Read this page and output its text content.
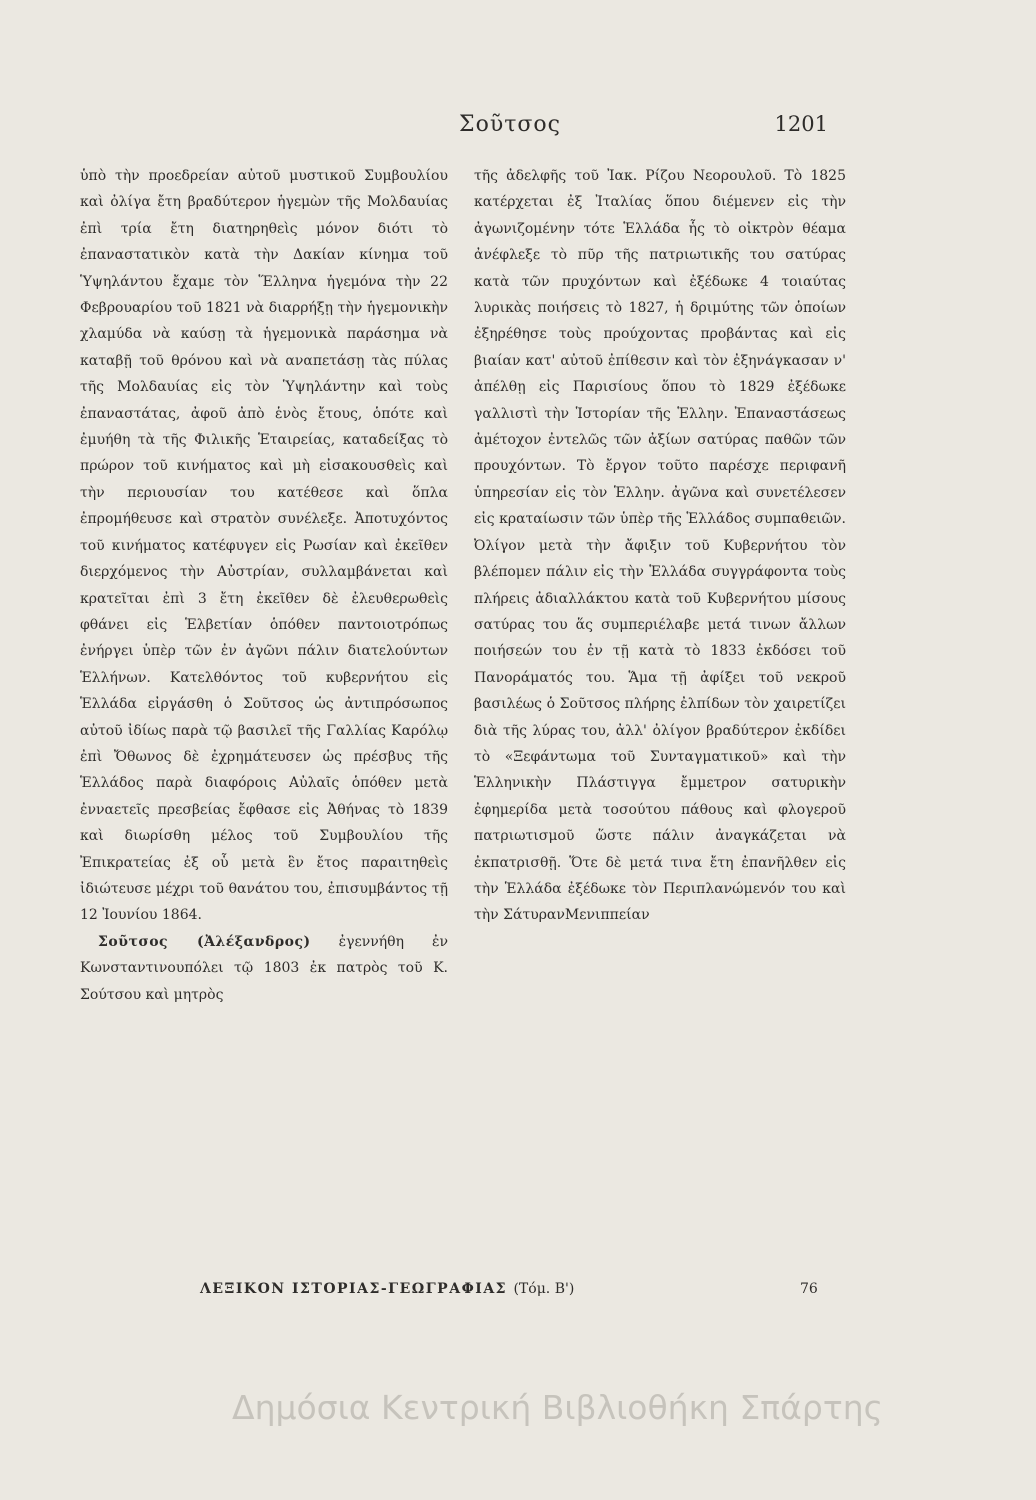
Σοῦτσος	1201

ὑπὸ τὴν προεδρείαν αὐτοῦ μυστικοῦ Συμβουλίου καὶ ὀλίγα ἔτη βραδύτερον ἡγεμὼν τῆς Μολδαυίας ἐπὶ τρία ἔτη διατηρηθεὶς μόνον διότι τὸ ἐπαναστατικὸν κατὰ τὴν Δακίαν κίνημα τοῦ Ὑψηλάντου ἔχαμε τὸν Ἕλληνα ἡγεμόνα τὴν 22 Φεβρουαρίου τοῦ 1821 νὰ διαρρήξῃ τὴν ἡγεμονικὴν χλαμύδα νὰ καύσῃ τὰ ἡγεμονικὰ παράσημα νὰ καταβῇ τοῦ θρόνου καὶ νὰ αναπετάσῃ τὰς πύλας τῆς Μολδαυίας εἰς τὸν Ὑψηλάντην καὶ τοὺς ἐπαναστάτας, ἀφοῦ ἀπὸ ἑνὸς ἔτους, ὁπότε καὶ ἐμυήθη τὰ τῆς Φιλικῆς Ἑταιρείας, καταδείξας τὸ πρώρον τοῦ κινήματος καὶ μὴ εἰσακουσθεὶς καὶ τὴν περιουσίαν του κατέθεσε καὶ ὅπλα ἐπρομήθευσε καὶ στρατὸν συνέλεξε. Ἀποτυχόντος τοῦ κινήματος κατέφυγεν εἰς Ρωσίαν καὶ ἐκεῖθεν διερχόμενος τὴν Αὐστρίαν, συλλαμβάνεται καὶ κρατεῖται ἐπὶ 3 ἔτη ἐκεῖθεν δὲ ἐλευθερωθεὶς φθάνει εἰς Ἑλβετίαν ὁπόθεν παντοιοτρόπως ἐνήργει ὑπὲρ τῶν ἐν ἀγῶνι πάλιν διατελούντων Ἑλλήνων. Κατελθόντος τοῦ κυβερνήτου εἰς Ἑλλάδα εἰργάσθη ὁ Σοῦτσος ὡς ἀντιπρόσωπος αὐτοῦ ἰδίως παρὰ τῷ βασιλεῖ τῆς Γαλλίας Καρόλῳ ἐπὶ Ὄθωνος δὲ ἐχρημάτευσεν ὡς πρέσβυς τῆς Ἑλλάδος παρὰ διαφόροις Αὐλαῖς ὁπόθεν μετὰ ἐνναετεῖς πρεσβείας ἔφθασε εἰς Ἀθήνας τὸ 1839 καὶ διωρίσθη μέλος τοῦ Συμβουλίου τῆς Ἐπικρατείας ἐξ οὗ μετὰ ἓν ἔτος παραιτηθεὶς ἰδιώτευσε μέχρι τοῦ θανάτου του, ἐπισυμβάντος τῇ 12 Ἰουνίου 1864.

Σοῦτσος (Ἀλέξανδρος) ἐγεννήθη ἐν Κωνσταντινουπόλει τῷ 1803 ἐκ πατρὸς τοῦ Κ. Σούτσου καὶ μητρὸς

τῆς ἀδελφῆς τοῦ Ἰακ. Ρίζου Νεορουλοῦ. Τὸ 1825 κατέρχεται ἐξ Ἰταλίας ὅπου διέμενεν εἰς τὴν ἀγωνιζομένην τότε Ἑλλάδα ἧς τὸ οἰκτρὸν θέαμα ἀνέφλεξε τὸ πῦρ τῆς πατριωτικῆς του σατύρας κατὰ τῶν πρυχόντων καὶ ἐξέδωκε 4 τοιαύτας λυρικὰς ποιήσεις τὸ 1827, ἡ δριμύτης τῶν ὁποίων ἐξηρέθησε τοὺς προύχοντας προβάντας καὶ εἰς βιαίαν κατ' αὐτοῦ ἐπίθεσιν καὶ τὸν ἐξηνάγκασαν ν' ἀπέλθῃ εἰς Παρισίους ὅπου τὸ 1829 ἐξέδωκε γαλλιστὶ τὴν Ἱστορίαν τῆς Ἑλλην. Ἐπαναστάσεως ἀμέτοχον ἐντελῶς τῶν ἀξίων σατύρας παθῶν τῶν προυχόντων. Τὸ ἔργον τοῦτο παρέσχε περιφανῆ ὑπηρεσίαν εἰς τὸν Ἑλλην. ἀγῶνα καὶ συνετέλεσεν εἰς κραταίωσιν τῶν ὑπὲρ τῆς Ἑλλάδος συμπαθειῶν. Ὀλίγον μετὰ τὴν ἄφιξιν τοῦ Κυβερνήτου τὸν βλέπομεν πάλιν εἰς τὴν Ἑλλάδα συγγράφοντα τοὺς πλήρεις ἀδιαλλάκτου κατὰ τοῦ Κυβερνήτου μίσους σατύρας του ἅς συμπεριέλαβε μετά τινων ἄλλων ποιήσεών του ἐν τῇ κατὰ τὸ 1833 ἐκδόσει τοῦ Πανοράματός του. Ἅμα τῇ ἀφίξει τοῦ νεκροῦ βασιλέως ὁ Σοῦτσος πλήρης ἐλπίδων τὸν χαιρετίζει διὰ τῆς λύρας του, ἀλλ' ὀλίγον βραδύτερον ἐκδίδει τὸ «Ξεφάντωμα τοῦ Συνταγματικοῦ» καὶ τὴν Ἑλληνικὴν Πλάστιγγα ἔμμετρον σατυρικὴν ἐφημερίδα μετὰ τοσούτου πάθους καὶ φλογεροῦ πατριωτισμοῦ ὥστε πάλιν ἀναγκάζεται νὰ ἐκπατρισθῇ. Ὅτε δὲ μετά τινα ἔτη ἐπανῆλθεν εἰς τὴν Ἑλλάδα ἐξέδωκε τὸν Περιπλανώμενόν του καὶ τὴν ΣάτυρανΜενιππείαν

ΛΕΞΙΚΟΝ ΙΣΤΟΡΙΑΣ-ΓΕΩΓΡΑΦΙΑΣ (Τόμ. Β')	76
Δημόσια Κεντρική Βιβλιοθήκη Σπάρτης
